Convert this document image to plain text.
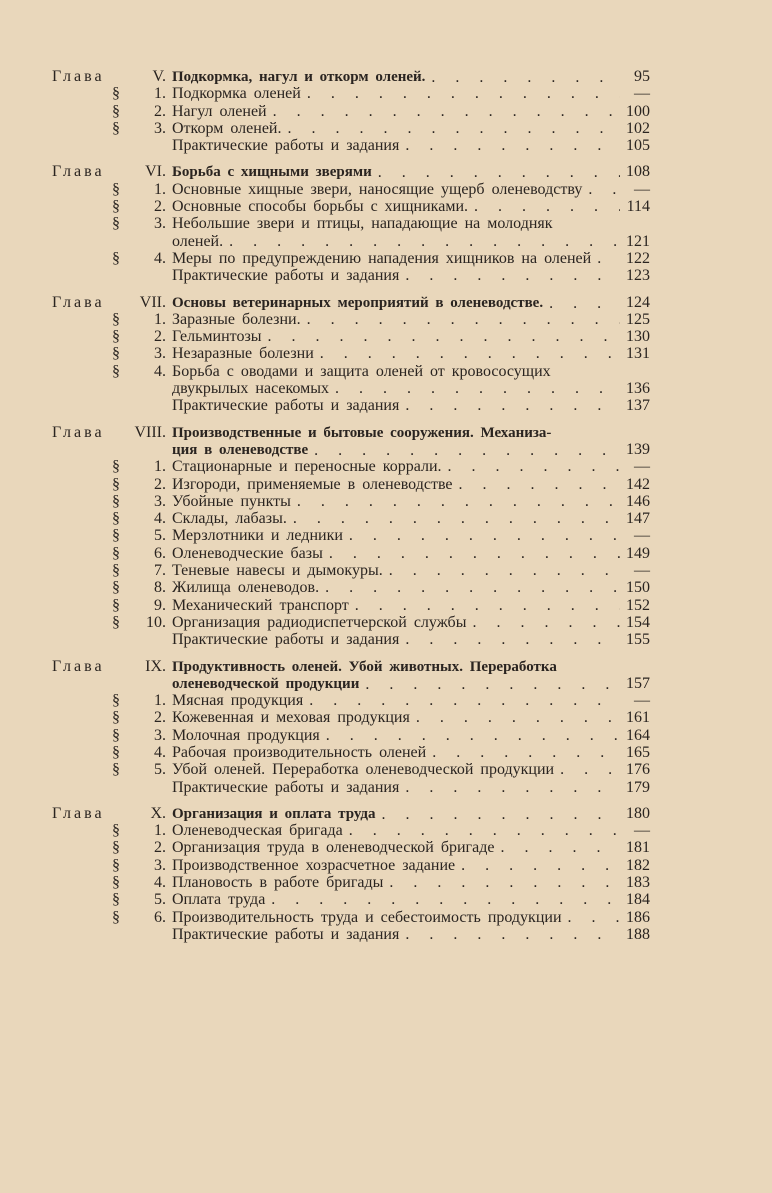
Глава	V. Подкормка, нагул и откорм оленей. .	95
§	1. Подкормка оленей .	—
§	2. Нагул оленей .	100
§	3. Откорм оленей. .	102
Практические работы и задания .	105
Глава	VI. Борьба с хищными зверями .	108
§	1. Основные хищные звери, наносящие ущерб оленеводству .	—
§	2. Основные способы борьбы с хищниками. .	114
§	3. Небольшие звери и птицы, нападающие на молодняк
оленей. .	121
§	4. Меры по предупреждению нападения хищников на оленей .	122
Практические работы и задания .	123
Глава	VII. Основы ветеринарных мероприятий в оленеводстве. .	124
§	1. Заразные болезни. .	125
§	2. Гельминтозы .	130
§	3. Незаразные болезни .	131
§	4. Борьба с оводами и защита оленей от кровососущих
двукрылых насекомых .	136
Практические работы и задания .	137
Глава	VIII. Производственные и бытовые сооружения. Механиза-
ция в оленеводстве .	139
§	1. Стационарные и переносные коррали. .	—
§	2. Изгороди, применяемые в оленеводстве .	142
§	3. Убойные пункты .	146
§	4. Склады, лабазы. .	147
§	5. Мерзлотники и ледники .	—
§	6. Оленеводческие базы .	149
§	7. Теневые навесы и дымокуры. .	—
§	8. Жилища оленеводов. .	150
§	9. Механический транспорт .	152
§	10. Организация радиодиспетчерской службы .	154
Практические работы и задания .	155
Глава	IX. Продуктивность оленей. Убой животных. Переработка
оленеводческой продукции .	157
§	1. Мясная продукция .	—
§	2. Кожевенная и меховая продукция .	161
§	3. Молочная продукция .	164
§	4. Рабочая производительность оленей .	165
§	5. Убой оленей. Переработка оленеводческой продукции .	176
Практические работы и задания .	179
Глава	X. Организация и оплата труда .	180
§	1. Оленеводческая бригада .	—
§	2. Организация труда в оленеводческой бригаде .	181
§	3. Производственное хозрасчетное задание .	182
§	4. Плановость в работе бригады .	183
§	5. Оплата труда .	184
§	6. Производительность труда и себестоимость продукции .	186
Практические работы и задания .	188
